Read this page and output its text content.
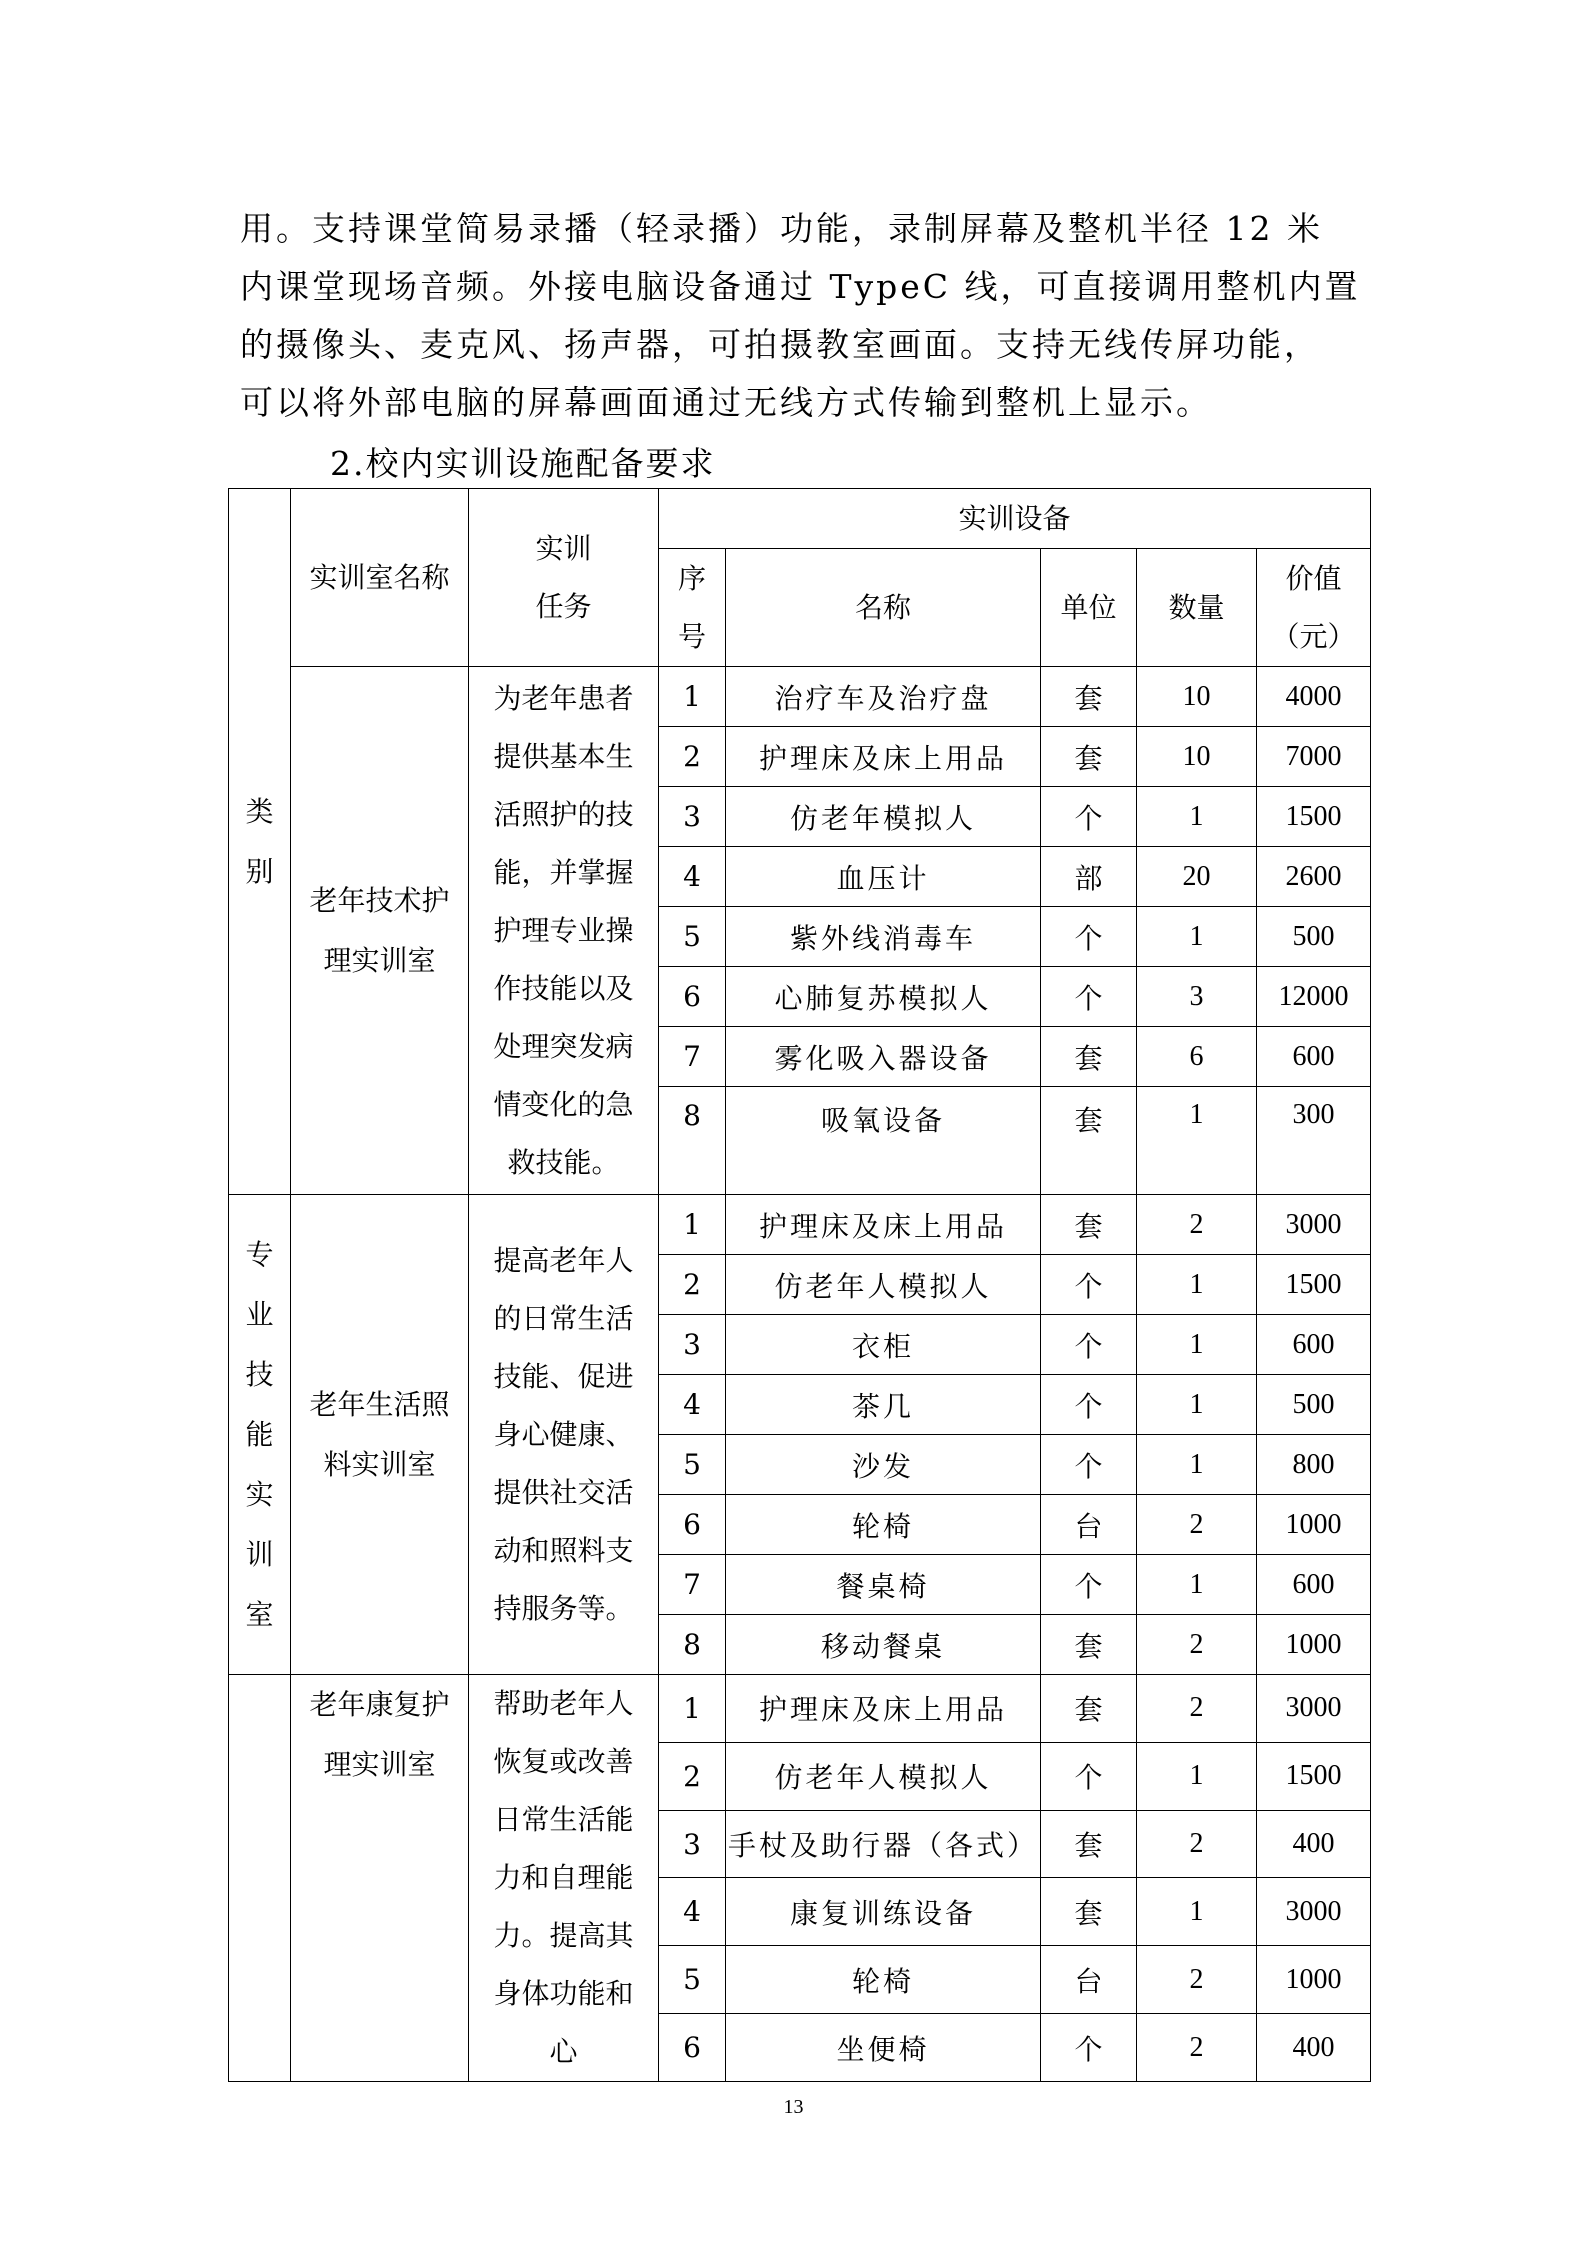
用。支持课堂简易录播（轻录播）功能，录制屏幕及整机半径 12 米
内课堂现场音频。外接电脑设备通过 TypeC 线，可直接调用整机内置
的摄像头、麦克风、扬声器，可拍摄教室画面。支持无线传屏功能，
可以将外部电脑的屏幕画面通过无线方式传输到整机上显示。

2.校内实训设施配备要求

类别	实训室名称	实训任务	实训设备				

			序号	名称	单位	数量	价值（元）

	老年技术护理实训室	为老年患者提供基本生活照护的技能，并掌握护理专业操作技能以及处理突发病情变化的急救技能。	1	治疗车及治疗盘	套	10	4000
			2	护理床及床上用品	套	10	7000
			3	仿老年模拟人	个	1	1500
			4	血压计	部	20	2600
			5	紫外线消毒车	个	1	500
			6	心肺复苏模拟人	个	3	12000
			7	雾化吸入器设备	套	6	600
			8	吸氧设备	套	1	300

专业技能实训室	老年生活照料实训室	提高老年人的日常生活技能、促进身心健康、提供社交活动和照料支持服务等。	1	护理床及床上用品	套	2	3000
			2	仿老年人模拟人	个	1	1500
			3	衣柜	个	1	600
			4	茶几	个	1	500
			5	沙发	个	1	800
			6	轮椅	台	2	1000
			7	餐桌椅	个	1	600
			8	移动餐桌	套	2	1000

	老年康复护理实训室	帮助老年人恢复或改善日常生活能力和自理能力。提高其身体功能和心	1	护理床及床上用品	套	2	3000
			2	仿老年人模拟人	个	1	1500
			3	手杖及助行器（各式）	套	2	400
			4	康复训练设备	套	1	3000
			5	轮椅	台	2	1000
			6	坐便椅	个	2	400
13
